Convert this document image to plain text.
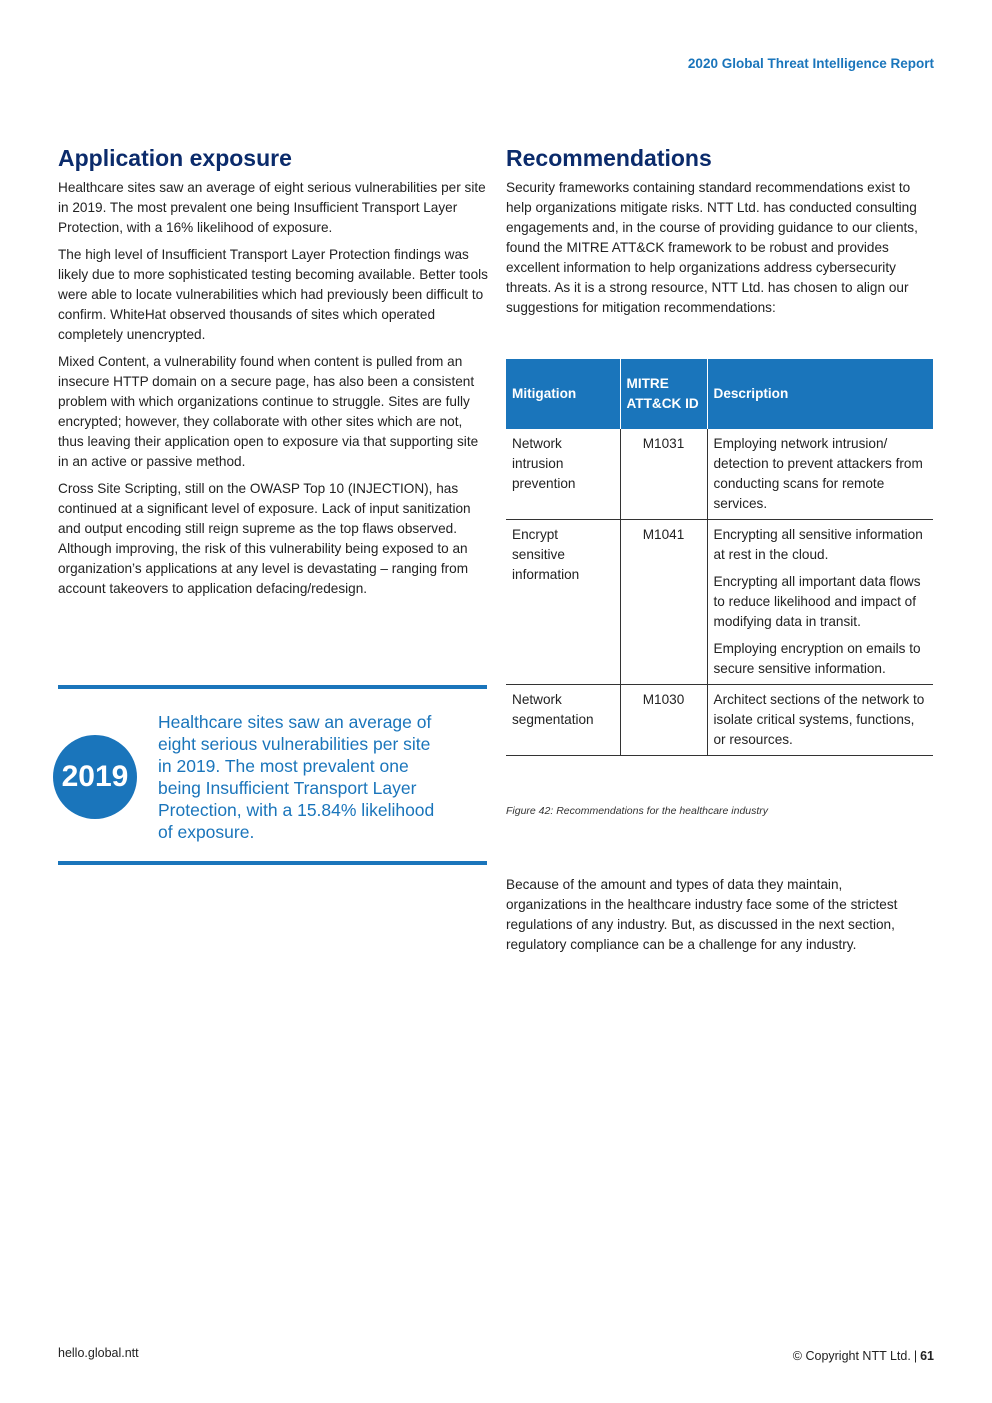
2020 Global Threat Intelligence Report
Application exposure

Healthcare sites saw an average of eight serious vulnerabilities per site in 2019. The most prevalent one being Insufficient Transport Layer Protection, with a 16% likelihood of exposure.

The high level of Insufficient Transport Layer Protection findings was likely due to more sophisticated testing becoming available. Better tools were able to locate vulnerabilities which had previously been difficult to confirm. WhiteHat observed thousands of sites which operated completely unencrypted.

Mixed Content, a vulnerability found when content is pulled from an insecure HTTP domain on a secure page, has also been a consistent problem with which organizations continue to struggle. Sites are fully encrypted; however, they collaborate with other sites which are not, thus leaving their application open to exposure via that supporting site in an active or passive method.

Cross Site Scripting, still on the OWASP Top 10 (INJECTION), has continued at a significant level of exposure. Lack of input sanitization and output encoding still reign supreme as the top flaws observed. Although improving, the risk of this vulnerability being exposed to an organization’s applications at any level is devastating – ranging from account takeovers to application defacing/redesign.

2019
Healthcare sites saw an average of eight serious vulnerabilities per site in 2019. The most prevalent one being Insufficient Transport Layer Protection, with a 15.84% likelihood of exposure.
Recommendations

Security frameworks containing standard recommendations exist to help organizations mitigate risks. NTT Ltd. has conducted consulting engagements and, in the course of providing guidance to our clients, found the MITRE ATT&CK framework to be robust and provides excellent information to help organizations address cybersecurity threats. As it is a strong resource, NTT Ltd. has chosen to align our suggestions for mitigation recommendations:

Mitigation	MITRE ATT&CK ID	Description
Network intrusion prevention	M1031	Employing network intrusion/ detection to prevent attackers from conducting scans for remote services.

Encrypt sensitive information	M1041	Encrypting all sensitive information at rest in the cloud.
Encrypting all important data flows to reduce likelihood and impact of modifying data in transit.
Employing encryption on emails to secure sensitive information.

Network segmentation	M1030	Architect sections of the network to isolate critical systems, functions, or resources.
Figure 42: Recommendations for the healthcare industry

Because of the amount and types of data they maintain, organizations in the healthcare industry face some of the strictest regulations of any industry. But, as discussed in the next section, regulatory compliance can be a challenge for any industry.

hello.global.ntt	© Copyright NTT Ltd. | 61
